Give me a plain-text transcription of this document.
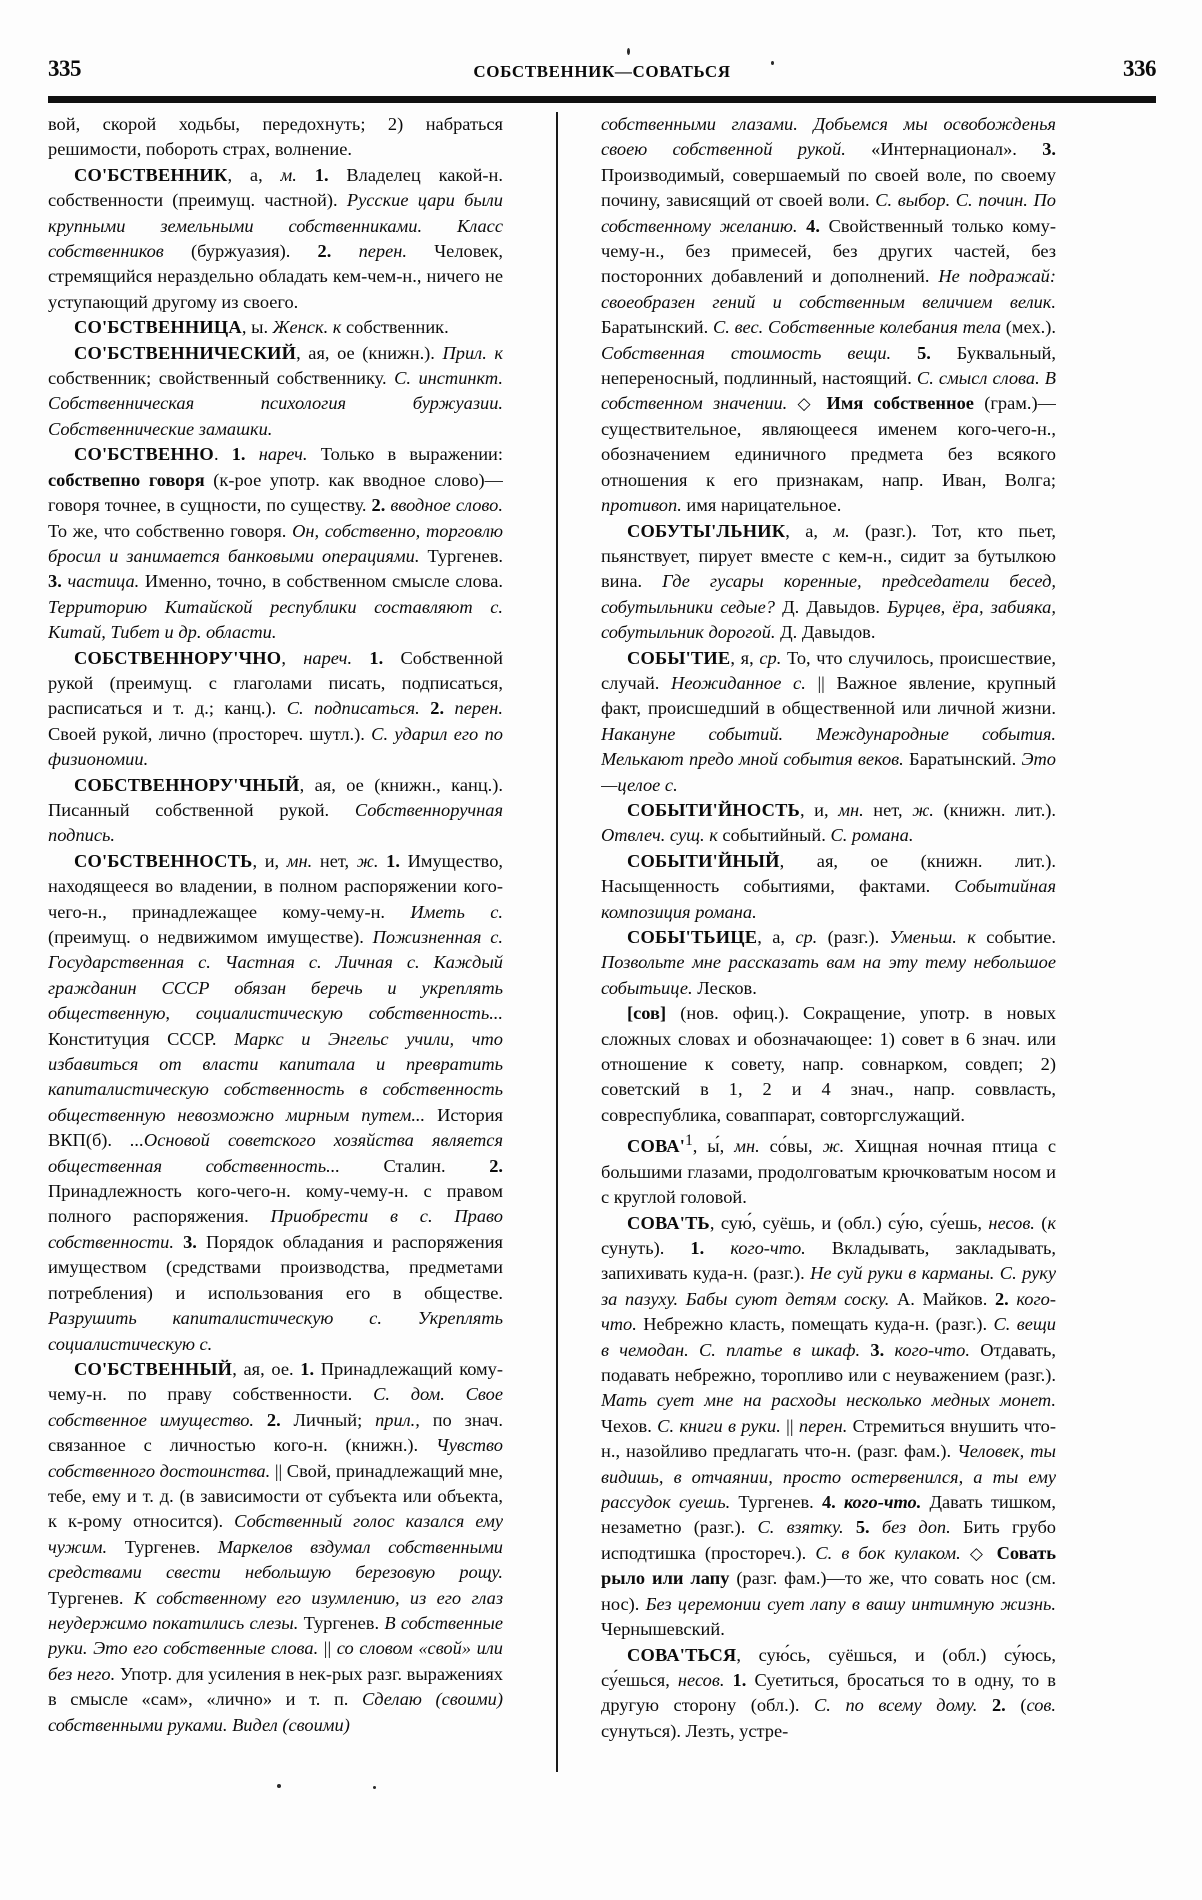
335	СОБСТВЕННИК—СОВАТЬСЯ	336

вой, скорой ходьбы, передохнуть; 2) набраться решимости, побороть страх, волнение.

СО'БСТВЕННИК, а, м. 1. Владелец какой-н. собственности (преимущ. частной). Русские цари были крупными земельными собственниками. Класс собственников (буржуазия). 2. перен. Человек, стремящийся нераздельно обладать кем-чем-н., ничего не уступающий другому из своего.

СО'БСТВЕННИЦА, ы. Женск. к собственник.

СО'БСТВЕННИЧЕСКИЙ, ая, ое (книжн.). Прил. к собственник; свойственный собственнику. С. инстинкт. Собственническая психология буржуазии. Собственнические замашки.

СО'БСТВЕННО. 1. нареч. Только в выражении: собствепно говоря (к-рое употр. как вводное слово)—говоря точнее, в сущности, по существу. 2. вводное слово. То же, что собственно говоря. Он, собственно, торговлю бросил и занимается банковыми операциями. Тургенев. 3. частица. Именно, точно, в собственном смысле слова. Территорию Китайской республики составляют с. Китай, Тибет и др. области.

СОБСТВЕННОРУ'ЧНО, нареч. 1. Собственной рукой (преимущ. с глаголами писать, подписаться, расписаться и т. д.; канц.). С. подписаться. 2. перен. Своей рукой, лично (простореч. шутл.). С. ударил его по физиономии.

СОБСТВЕННОРУ'ЧНЫЙ, ая, ое (книжн., канц.). Писанный собственной рукой. Собственноручная подпись.

СО'БСТВЕННОСТЬ, и, мн. нет, ж. 1. Имущество, находящееся во владении, в полном распоряжении кого-чего-н., принадлежащее кому-чему-н. Иметь с. (преимущ. о недвижимом имуществе). Пожизненная с. Государственная с. Частная с. Личная с. Каждый гражданин СССР обязан беречь и укреплять общественную, социалистическую собственность... Конституция СССР. Маркс и Энгельс учили, что избавиться от власти капитала и превратить капиталистическую собственность в собственность общественную невозможно мирным путем... История ВКП(б). ...Основой советского хозяйства является общественная собственность... Сталин. 2. Принадлежность кого-чего-н. кому-чему-н. с правом полного распоряжения. Приобрести в с. Право собственности. 3. Порядок обладания и распоряжения имуществом (средствами производства, предметами потребления) и использования его в обществе. Разрушить капиталистическую с. Укреплять социалистическую с.

СО'БСТВЕННЫЙ, ая, ое. 1. Принадлежащий кому-чему-н. по праву собственности. С. дом. Свое собственное имущество. 2. Личный; прил., по знач. связанное с личностью кого-н. (книжн.). Чувство собственного достоинства. || Свой, принадлежащий мне, тебе, ему и т. д. (в зависимости от субъекта или объекта, к к-рому относится). Собственный голос казался ему чужим. Тургенев. Маркелов вздумал собственными средствами свести небольшую березовую рощу. Тургенев. К собственному его изумлению, из его глаз неудержимо покатились слезы. Тургенев. В собственные руки. Это его собственные слова. || со словом «свой» или без него. Употр. для усиления в нек-рых разг. выражениях в смысле «сам», «лично» и т. п. Сделаю (своими) собственными руками. Видел (своими)

собственными глазами. Добьемся мы освобожденья своею собственной рукой. «Интернационал». 3. Производимый, совершаемый по своей воле, по своему почину, зависящий от своей воли. С. выбор. С. почин. По собственному желанию. 4. Свойственный только кому-чему-н., без примесей, без других частей, без посторонних добавлений и дополнений. Не подражай: своеобразен гений и собственным величием велик. Баратынский. С. вес. Собственные колебания тела (мех.). Собственная стоимость вещи. 5. Буквальный, непереносный, подлинный, настоящий. С. смысл слова. В собственном значении. ◇ Имя собственное (грам.)—существительное, являющееся именем кого-чего-н., обозначением единичного предмета без всякого отношения к его признакам, напр. Иван, Волга; противоп. имя нарицательное.

СОБУТЫ'ЛЬНИК, а, м. (разг.). Тот, кто пьет, пьянствует, пирует вместе с кем-н., сидит за бутылкою вина. Где гусары коренные, председатели бесед, собутыльники седые? Д. Давыдов. Бурцев, ёра, забияка, собутыльник дорогой. Д. Давыдов.

СОБЫ'ТИЕ, я, ср. То, что случилось, происшествие, случай. Неожиданное с. || Важное явление, крупный факт, происшедший в общественной или личной жизни. Накануне событий. Международные события. Мелькают предо мной события веков. Баратынский. Это—целое с.

СОБЫТИ'ЙНОСТЬ, и, мн. нет, ж. (книжн. лит.). Отвлеч. сущ. к событийный. С. романа.

СОБЫТИ'ЙНЫЙ, ая, ое (книжн. лит.). Насыщенность событиями, фактами. Событийная композиция романа.

СОБЫ'ТЬИЦЕ, а, ср. (разг.). Уменьш. к событие. Позвольте мне рассказать вам на эту тему небольшое событьице. Лесков.

[сов] (нов. офиц.). Сокращение, употр. в новых сложных словах и обозначающее: 1) совет в 6 знач. или отношение к совету, напр. совнарком, совдеп; 2) советский в 1, 2 и 4 знач., напр. соввласть, совреспублика, соваппарат, совторгслужащий.

$СОВА'^1$, ы́, мн. со́вы, ж. Хищная ночная птица с большими глазами, продолговатым крючковатым носом и с круглой головой.

СОВА'ТЬ, сую́, суёшь, и (обл.) су́ю, су́ешь, несов. (к сунуть). 1. кого-что. Вкладывать, закладывать, запихивать куда-н. (разг.). Не суй руки в карманы. С. руку за пазуху. Бабы суют детям соску. А. Майков. 2. кого-что. Небрежно класть, помещать куда-н. (разг.). С. вещи в чемодан. С. платье в шкаф. 3. кого-что. Отдавать, подавать небрежно, торопливо или с неуважением (разг.). Мать сует мне на расходы несколько медных монет. Чехов. С. книги в руки. || перен. Стремиться внушить что-н., назойливо предлагать что-н. (разг. фам.). Человек, ты видишь, в отчаянии, просто остервенился, а ты ему рассудок суешь. Тургенев. 4. кого-что. Давать тишком, незаметно (разг.). С. взятку. 5. без доп. Бить грубо исподтишка (простореч.). С. в бок кулаком. ◇ Совать рыло или лапу (разг. фам.)—то же, что совать нос (см. нос). Без церемонии сует лапу в вашу интимную жизнь. Чернышевский.

СОВА'ТЬСЯ, сую́сь, суёшься, и (обл.) су́юсь, су́ешься, несов. 1. Суетиться, бросаться то в одну, то в другую сторону (обл.). С. по всему дому. 2. (сов. сунуться). Лезть, устре-
